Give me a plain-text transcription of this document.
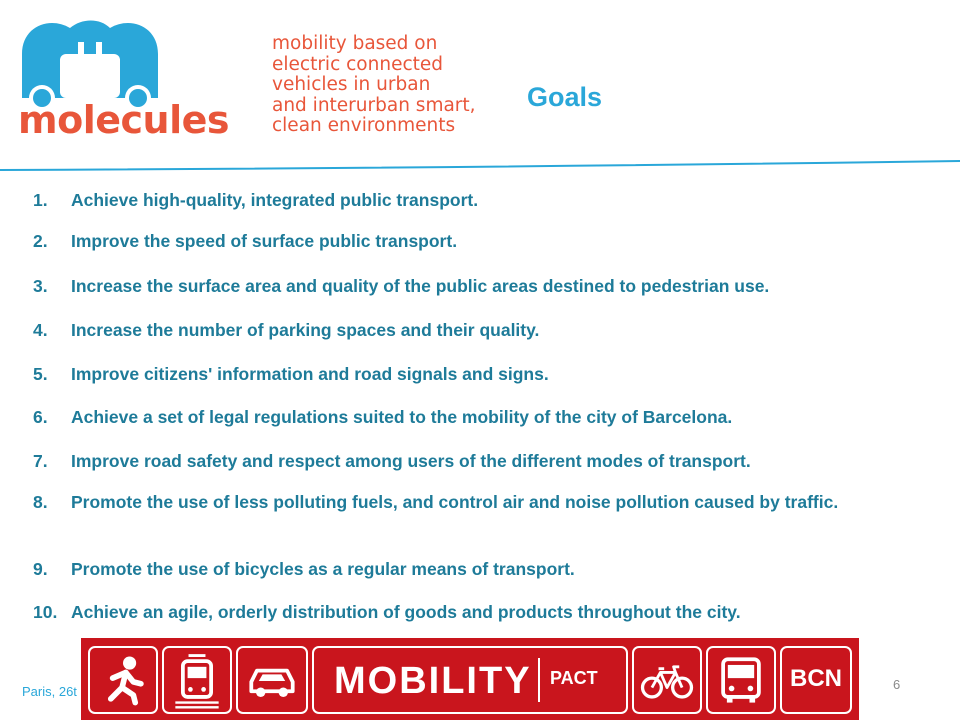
molecules
mobility based on
electric connected
vehicles in urban
and interurban smart,
clean environments
Goals
1. Achieve high-quality, integrated public transport.
2. Improve the speed of surface public transport.
3. Increase the surface area and quality of the public areas destined to pedestrian use.
4. Increase the number of parking spaces and their quality.
5. Improve citizens' information and road signals and signs.
6. Achieve a set of legal regulations suited to the mobility of the city of Barcelona.
7. Improve road safety and respect among users of the different modes of transport.
8. Promote the use of less polluting fuels, and control air and noise pollution caused by traffic.
9. Promote the use of bicycles as a regular means of transport.
10. Achieve an agile, orderly distribution of goods and products throughout the city.
Paris, 26t	6
MOBILITY PACT	BCN
